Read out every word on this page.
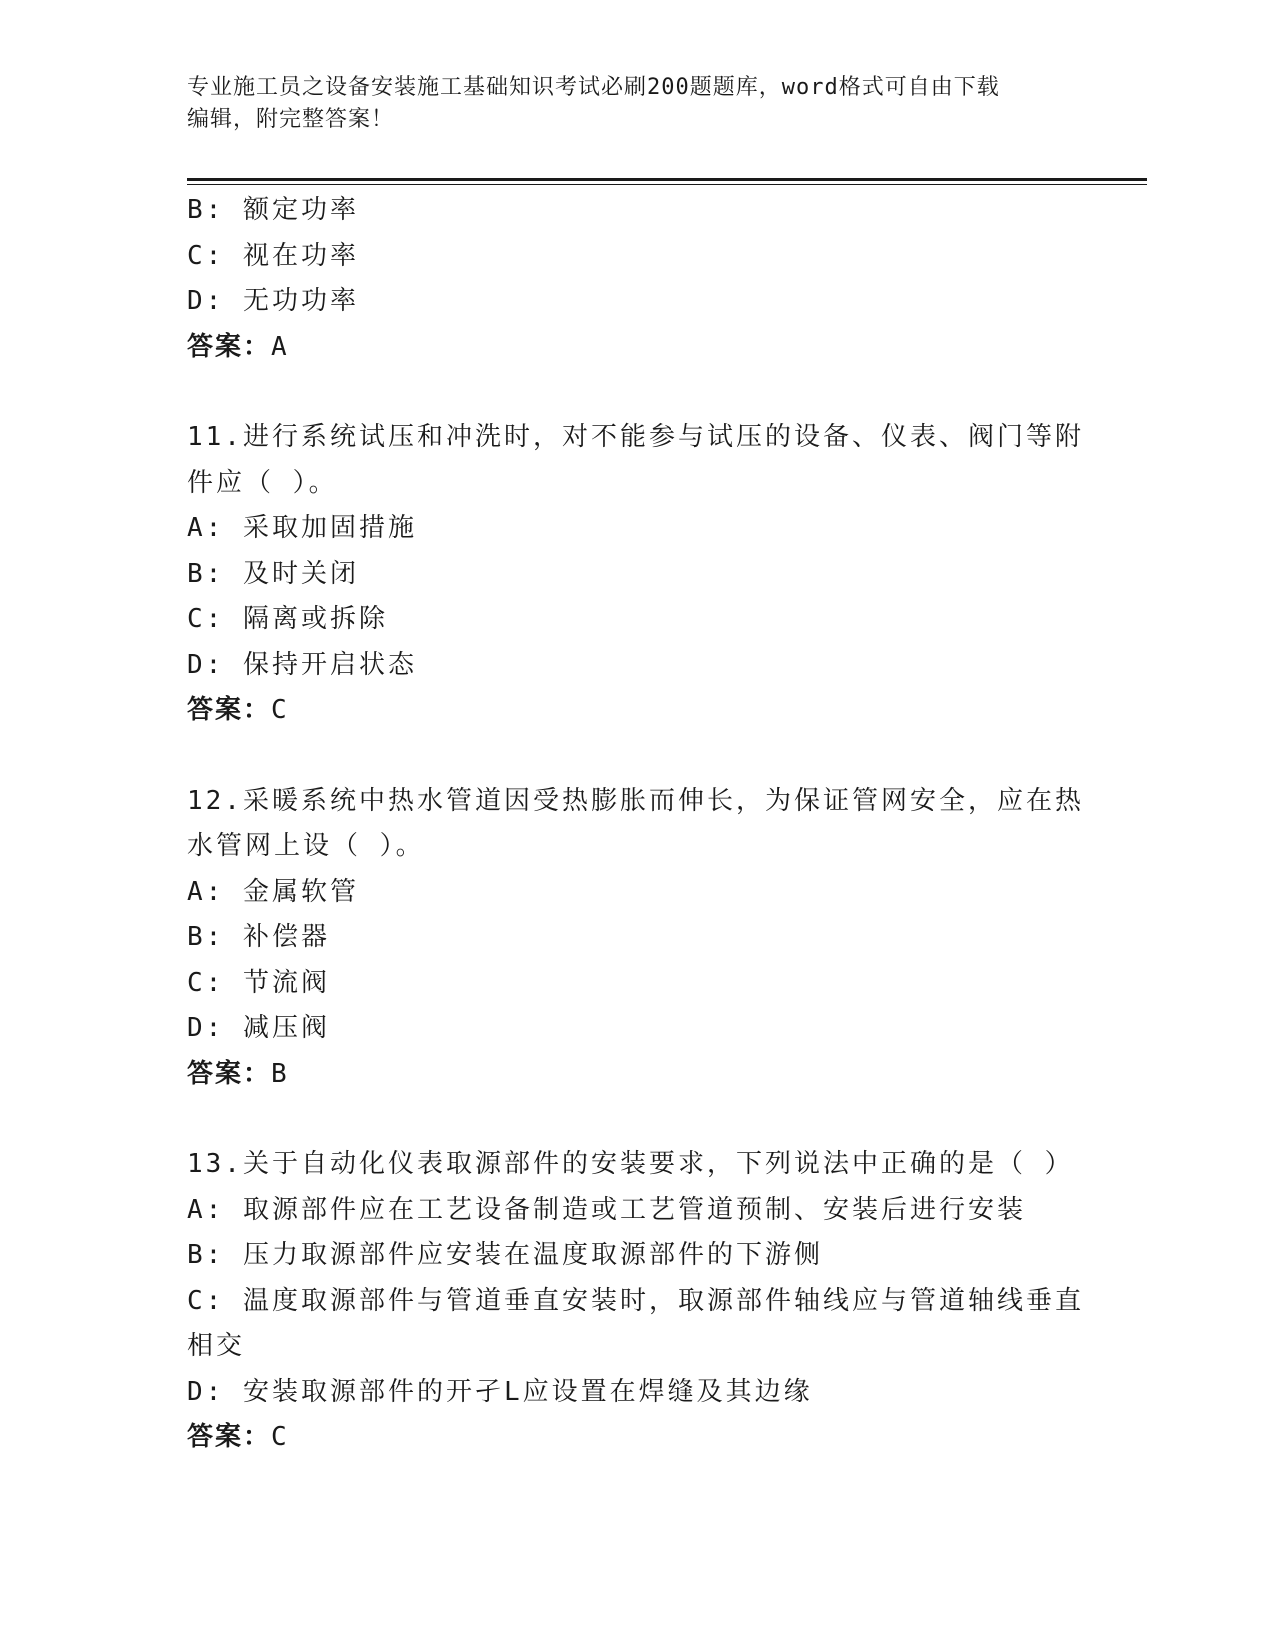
专业施工员之设备安装施工基础知识考试必刷200题题库，word格式可自由下载
编辑，附完整答案！
B: 额定功率
C: 视在功率
D: 无功功率
答案：A
11.进行系统试压和冲洗时，对不能参与试压的设备、仪表、阀门等附
件应（ ）。
A: 采取加固措施
B: 及时关闭
C: 隔离或拆除
D: 保持开启状态
答案：C
12.采暖系统中热水管道因受热膨胀而伸长，为保证管网安全，应在热
水管网上设（ ）。
A: 金属软管
B: 补偿器
C: 节流阀
D: 减压阀
答案：B
13.关于自动化仪表取源部件的安装要求，下列说法中正确的是（ ）
A: 取源部件应在工艺设备制造或工艺管道预制、安装后进行安装
B: 压力取源部件应安装在温度取源部件的下游侧
C: 温度取源部件与管道垂直安装时，取源部件轴线应与管道轴线垂直
相交
D: 安装取源部件的开孑L应设置在焊缝及其边缘
答案：C
